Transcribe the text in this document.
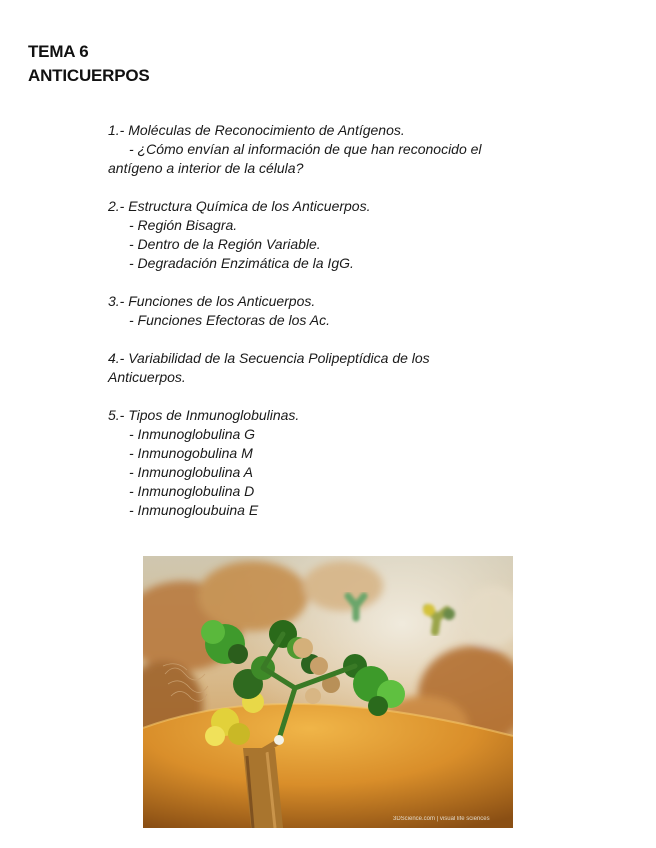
TEMA 6
ANTICUERPOS
1.- Moléculas de Reconocimiento de Antígenos.
- ¿Cómo envían al información de que han reconocido el
antígeno a interior de la célula?
2.- Estructura Química de los Anticuerpos.
- Región Bisagra.
- Dentro de la Región Variable.
- Degradación Enzimática de la IgG.
3.- Funciones de los Anticuerpos.
- Funciones Efectoras de los Ac.
4.- Variabilidad de la Secuencia Polipeptídica de los
Anticuerpos.
5.- Tipos de Inmunoglobulinas.
- Inmunoglobulina G
- Inmunogobulina M
- Inmunoglobulina A
- Inmunoglobulina D
- Inmunogloubuina E
3DScience.com | visual life sciences
